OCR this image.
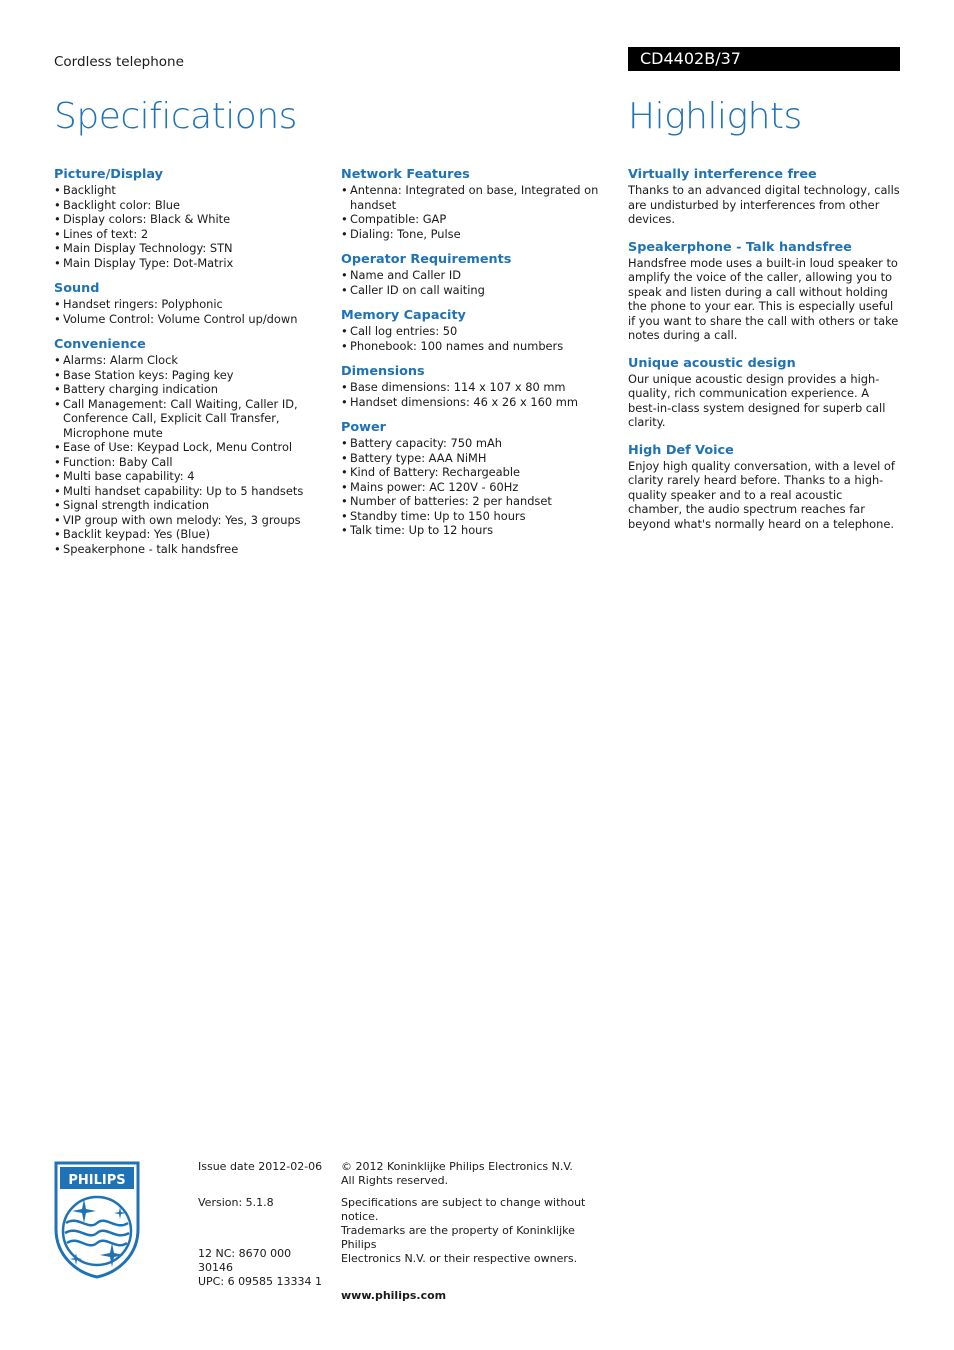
Cordless telephone	CD4402B/37
Specifications	Highlights
Picture/Display
• Backlight
• Backlight color: Blue
• Display colors: Black & White
• Lines of text: 2
• Main Display Technology: STN
• Main Display Type: Dot-Matrix
Sound
• Handset ringers: Polyphonic
• Volume Control: Volume Control up/down
Convenience
• Alarms: Alarm Clock
• Base Station keys: Paging key
• Battery charging indication
• Call Management: Call Waiting, Caller ID, Conference Call, Explicit Call Transfer, Microphone mute
• Ease of Use: Keypad Lock, Menu Control
• Function: Baby Call
• Multi base capability: 4
• Multi handset capability: Up to 5 handsets
• Signal strength indication
• VIP group with own melody: Yes, 3 groups
• Backlit keypad: Yes (Blue)
• Speakerphone - talk handsfree
Network Features
• Antenna: Integrated on base, Integrated on handset
• Compatible: GAP
• Dialing: Tone, Pulse
Operator Requirements
• Name and Caller ID
• Caller ID on call waiting
Memory Capacity
• Call log entries: 50
• Phonebook: 100 names and numbers
Dimensions
• Base dimensions: 114 x 107 x 80 mm
• Handset dimensions: 46 x 26 x 160 mm
Power
• Battery capacity: 750 mAh
• Battery type: AAA NiMH
• Kind of Battery: Rechargeable
• Mains power: AC 120V - 60Hz
• Number of batteries: 2 per handset
• Standby time: Up to 150 hours
• Talk time: Up to 12 hours
Virtually interference free
Thanks to an advanced digital technology, calls are undisturbed by interferences from other devices.
Speakerphone - Talk handsfree
Handsfree mode uses a built-in loud speaker to amplify the voice of the caller, allowing you to speak and listen during a call without holding the phone to your ear. This is especially useful if you want to share the call with others or take notes during a call.
Unique acoustic design
Our unique acoustic design provides a high-quality, rich communication experience. A best-in-class system designed for superb call clarity.
High Def Voice
Enjoy high quality conversation, with a level of clarity rarely heard before. Thanks to a high-quality speaker and to a real acoustic chamber, the audio spectrum reaches far beyond what's normally heard on a telephone.
PHILIPS
Issue date 2012-02-06
Version: 5.1.8
12 NC: 8670 000 30146
UPC: 6 09585 13334 1
© 2012 Koninklijke Philips Electronics N.V.
All Rights reserved.
Specifications are subject to change without notice.
Trademarks are the property of Koninklijke Philips
Electronics N.V. or their respective owners.
www.philips.com
